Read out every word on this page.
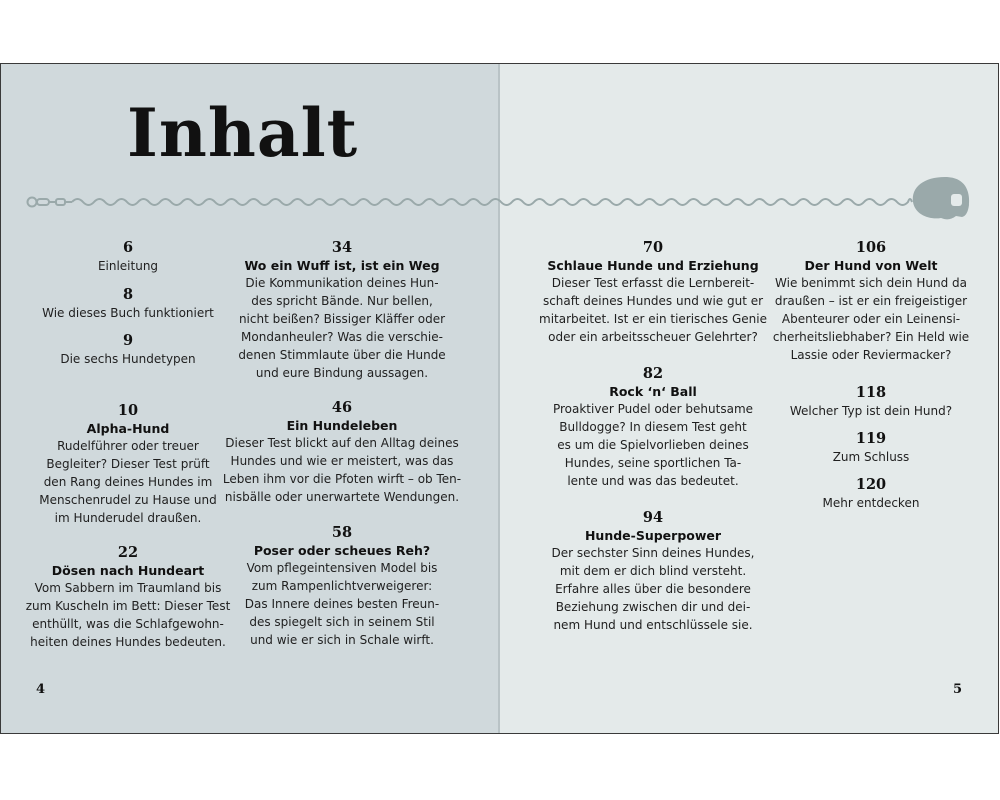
Inhalt
6
Einleitung
8
Wie dieses Buch funktioniert
9
Die sechs Hundetypen
10
Alpha-Hund
Rudelführer oder treuer
Begleiter? Dieser Test prüft
den Rang deines Hundes im
Menschenrudel zu Hause und
im Hunderudel draußen.
22
Dösen nach Hundeart
Vom Sabbern im Traumland bis
zum Kuscheln im Bett: Dieser Test
enthüllt, was die Schlafgewohn-
heiten deines Hundes bedeuten.
34
Wo ein Wuff ist, ist ein Weg
Die Kommunikation deines Hun-
des spricht Bände. Nur bellen,
nicht beißen? Bissiger Kläffer oder
Mondanheuler? Was die verschie-
denen Stimmlaute über die Hunde
und eure Bindung aussagen.
46
Ein Hundeleben
Dieser Test blickt auf den Alltag deines
Hundes und wie er meistert, was das
Leben ihm vor die Pfoten wirft – ob Ten-
nisbälle oder unerwartete Wendungen.
58
Poser oder scheues Reh?
Vom pflegeintensiven Model bis
zum Rampenlichtverweigerer:
Das Innere deines besten Freun-
des spiegelt sich in seinem Stil
und wie er sich in Schale wirft.
70
Schlaue Hunde und Erziehung
Dieser Test erfasst die Lernbereit-
schaft deines Hundes und wie gut er
mitarbeitet. Ist er ein tierisches Genie
oder ein arbeitsscheuer Gelehrter?
82
Rock ‘n‘ Ball
Proaktiver Pudel oder behutsame
Bulldogge? In diesem Test geht
es um die Spielvorlieben deines
Hundes, seine sportlichen Ta-
lente und was das bedeutet.
94
Hunde-Superpower
Der sechster Sinn deines Hundes,
mit dem er dich blind versteht.
Erfahre alles über die besondere
Beziehung zwischen dir und dei-
nem Hund und entschlüssele sie.
106
Der Hund von Welt
Wie benimmt sich dein Hund da
draußen – ist er ein freigeistiger
Abenteurer oder ein Leinensi-
cherheitsliebhaber? Ein Held wie
Lassie oder Reviermacker?
118
Welcher Typ ist dein Hund?
119
Zum Schluss
120
Mehr entdecken
4	5
